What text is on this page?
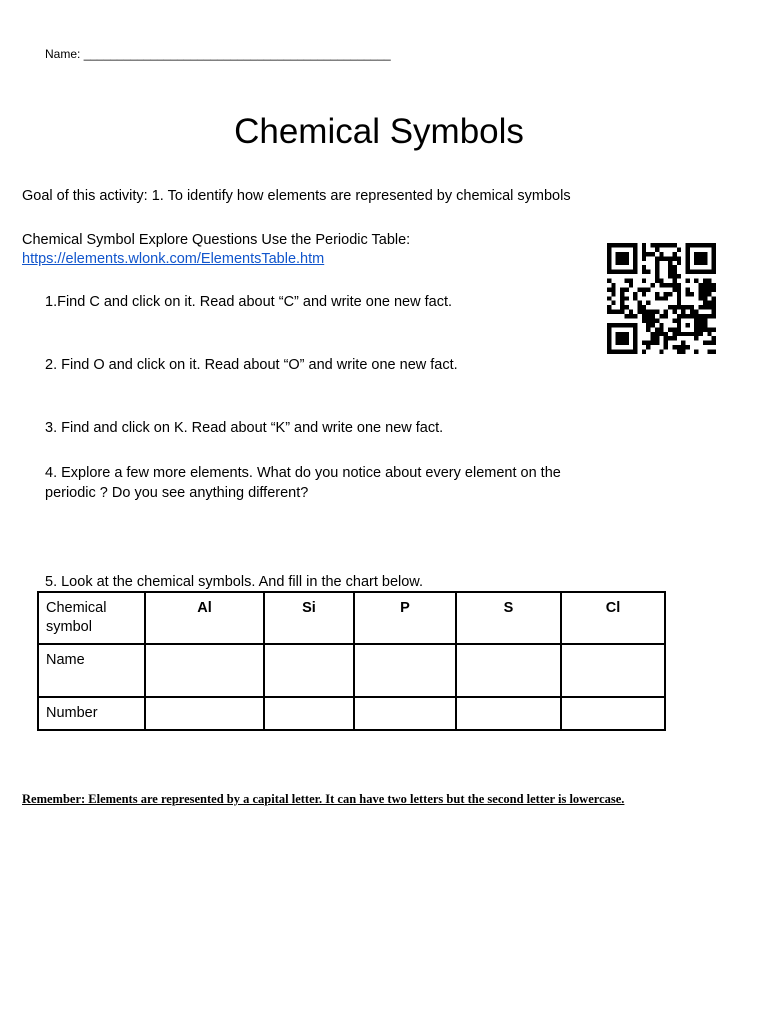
Name: ______________________________________________
Chemical Symbols
Goal of this activity: 1. To identify how elements are represented by chemical symbols
Chemical Symbol Explore Questions Use the Periodic Table:
https://elements.wlonk.com/ElementsTable.htm
1.Find C and click on it. Read about “C” and write one new fact.
2. Find O and click on it. Read about “O” and write one new fact.
3. Find and click on K. Read about “K” and write one new fact.
4. Explore a few more elements. What do you notice about every element on the
periodic ? Do you see anything different?
5. Look at the chemical symbols. And fill in the chart below.
Chemical
symbol	Al	Si	P	S	Cl
Name					
Number					
Remember: Elements are represented by a capital letter. It can have two letters but the second letter is lowercase.
